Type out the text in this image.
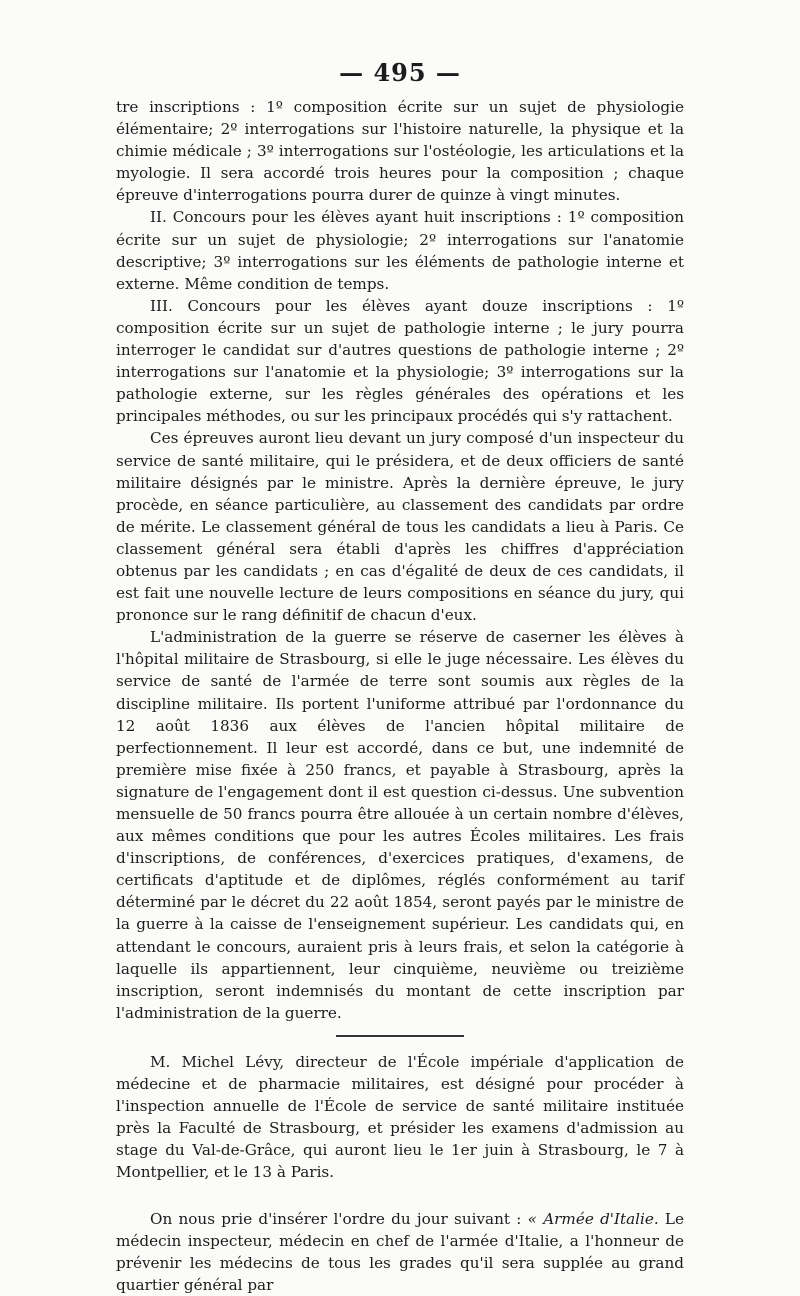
— 495 —

tre inscriptions : 1º composition écrite sur un sujet de physiologie élémentaire; 2º interrogations sur l'histoire naturelle, la physique et la chimie médicale ; 3º interrogations sur l'ostéologie, les articulations et la myologie. Il sera accordé trois heures pour la composition ; chaque épreuve d'interrogations pourra durer de quinze à vingt minutes.

II. Concours pour les élèves ayant huit inscriptions : 1º composition écrite sur un sujet de physiologie; 2º interrogations sur l'anatomie descriptive; 3º interrogations sur les éléments de pathologie interne et externe. Même condition de temps.

III. Concours pour les élèves ayant douze inscriptions : 1º composition écrite sur un sujet de pathologie interne ; le jury pourra interroger le candidat sur d'autres questions de pathologie interne ; 2º interrogations sur l'anatomie et la physiologie; 3º interrogations sur la pathologie externe, sur les règles générales des opérations et les principales méthodes, ou sur les principaux procédés qui s'y rattachent.

Ces épreuves auront lieu devant un jury composé d'un inspecteur du service de santé militaire, qui le présidera, et de deux officiers de santé militaire désignés par le ministre. Après la dernière épreuve, le jury procède, en séance particulière, au classement des candidats par ordre de mérite. Le classement général de tous les candidats a lieu à Paris. Ce classement général sera établi d'après les chiffres d'appréciation obtenus par les candidats ; en cas d'égalité de deux de ces candidats, il est fait une nouvelle lecture de leurs compositions en séance du jury, qui prononce sur le rang définitif de chacun d'eux.

L'administration de la guerre se réserve de caserner les élèves à l'hôpital militaire de Strasbourg, si elle le juge nécessaire. Les élèves du service de santé de l'armée de terre sont soumis aux règles de la discipline militaire. Ils portent l'uniforme attribué par l'ordonnance du 12 août 1836 aux élèves de l'ancien hôpital militaire de perfectionnement. Il leur est accordé, dans ce but, une indemnité de première mise fixée à 250 francs, et payable à Strasbourg, après la signature de l'engagement dont il est question ci-dessus. Une subvention mensuelle de 50 francs pourra être allouée à un certain nombre d'élèves, aux mêmes conditions que pour les autres Écoles militaires. Les frais d'inscriptions, de conférences, d'exercices pratiques, d'examens, de certificats d'aptitude et de diplômes, réglés conformément au tarif déterminé par le décret du 22 août 1854, seront payés par le ministre de la guerre à la caisse de l'enseignement supérieur. Les candidats qui, en attendant le concours, auraient pris à leurs frais, et selon la catégorie à laquelle ils appartiennent, leur cinquième, neuvième ou treizième inscription, seront indemnisés du montant de cette inscription par l'administration de la guerre.

M. Michel Lévy, directeur de l'École impériale d'application de médecine et de pharmacie militaires, est désigné pour procéder à l'inspection annuelle de l'École de service de santé militaire instituée près la Faculté de Strasbourg, et présider les examens d'admission au stage du Val-de-Grâce, qui auront lieu le 1er juin à Strasbourg, le 7 à Montpellier, et le 13 à Paris.

On nous prie d'insérer l'ordre du jour suivant : « Armée d'Italie. Le médecin inspecteur, médecin en chef de l'armée d'Italie, a l'honneur de prévenir les médecins de tous les grades qu'il sera supplée au grand quartier général par
